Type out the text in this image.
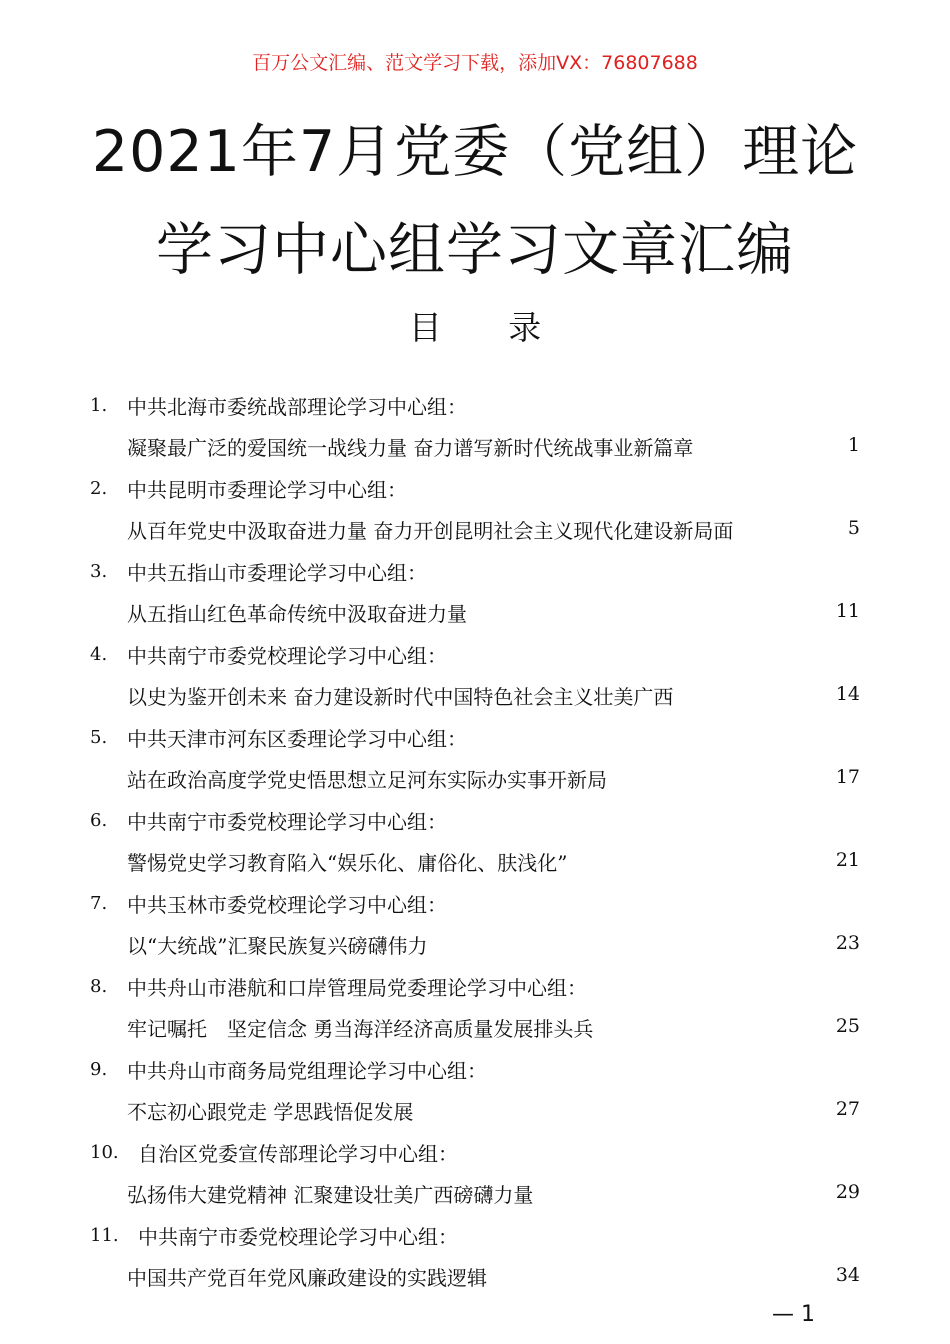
百万公文汇编、范文学习下载，添加VX：76807688
2021年7月党委（党组）理论
学习中心组学习文章汇编
目 录
1. 中共北海市委统战部理论学习中心组：
凝聚最广泛的爱国统一战线力量 奋力谱写新时代统战事业新篇章	1
2. 中共昆明市委理论学习中心组：
从百年党史中汲取奋进力量 奋力开创昆明社会主义现代化建设新局面	5
3. 中共五指山市委理论学习中心组：
从五指山红色革命传统中汲取奋进力量	11
4. 中共南宁市委党校理论学习中心组：
以史为鉴开创未来 奋力建设新时代中国特色社会主义壮美广西	14
5. 中共天津市河东区委理论学习中心组：
站在政治高度学党史悟思想立足河东实际办实事开新局	17
6. 中共南宁市委党校理论学习中心组：
警惕党史学习教育陷入“娱乐化、庸俗化、肤浅化”	21
7. 中共玉林市委党校理论学习中心组：
以“大统战”汇聚民族复兴磅礴伟力	23
8. 中共舟山市港航和口岸管理局党委理论学习中心组：
牢记嘱托　坚定信念 勇当海洋经济高质量发展排头兵	25
9. 中共舟山市商务局党组理论学习中心组：
不忘初心跟党走 学思践悟促发展	27
10. 自治区党委宣传部理论学习中心组：
弘扬伟大建党精神 汇聚建设壮美广西磅礴力量	29
11. 中共南宁市委党校理论学习中心组：
中国共产党百年党风廉政建设的实践逻辑	34
— 1
